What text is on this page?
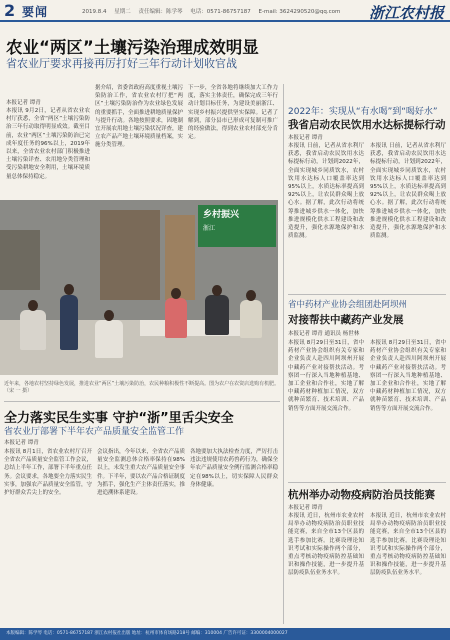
2 要闻	2019.8.4 星期二 责任编辑：陈学琴 电话：0571-86757187 E-mail: 3624290520@qq.com	浙江农村报
农业“两区”土壤污染治理成效明显
省农业厅要求再接再厉打好三年行动计划收官战
本报记者 谭青
本报讯 9月2日，记者从省农业农村厅获悉，全省“两区”土壤污染防治三年行动取得明显成效。截至目前，农业“两区”土壤污染防治已完成年度任务的96%以上，2019年以来，全省农业农村部门积极推进土壤污染详查、农用地分类管理和受污染耕地安全利用，土壤环境质量总体保持稳定。
据介绍，省委省政府高度重视土壤污染防治工作，省农业农村厅把“两区”土壤污染防治作为农业绿色发展的重要抓手，全面推进耕地质量保护与提升行动。各地按照要求，因地制宜开展农用地土壤污染状况详查，建立农产品产地土壤环境质量档案，实施分类管理。
下一步，全省各地将继续加大工作力度，落实主体责任，确保完成三年行动计划目标任务，为建设美丽浙江、实现乡村振兴提供坚实保障。记者了解到，部分县市已形成可复制可推广的经验做法，得到农业农村部充分肯定。
乡村振兴
浙江
近年来，各地农村坚持绿色发展，推进农业“两区”土壤污染防治，农民种粮积极性不断提高。图为农户在农资店选购有机肥。（宋 一 摄）
2022年：实现从“有水喝”到“喝好水”
我省启动农民饮用水达标提标行动
本报记者 谭青
本报讯 日前，记者从省水利厅获悉，我省启动农民饮用水达标提标行动，计划到2022年，全面实现城乡同质饮水，农村饮用水达标人口覆盖率达到95%以上，水质达标率提高到92%以上，让农民群众喝上放心水。据了解，此次行动将统筹推进城乡供水一体化，加快推进规模化供水工程建设和改造提升，强化水源地保护和水质监测。
本报讯 日前，记者从省水利厅获悉，我省启动农民饮用水达标提标行动，计划到2022年，全面实现城乡同质饮水，农村饮用水达标人口覆盖率达到95%以上，水质达标率提高到92%以上，让农民群众喝上放心水。据了解，此次行动将统筹推进城乡供水一体化，加快推进规模化供水工程建设和改造提升，强化水源地保护和水质监测。
省中药材产业协会组团赴阿坝州
对接帮扶中藏药产业发展
本报记者 谭青 通讯员 杨世林
本报讯 8月29日至31日，省中药材产业协会组织有关专家和企业负责人赴四川阿坝州开展中藏药产业对接帮扶活动。考察团一行深入当地种植基地、加工企业和合作社，实地了解中藏药材种植加工情况，双方就种苗繁育、技术培训、产品销售等方面开展交流合作。
本报讯 8月29日至31日，省中药材产业协会组织有关专家和企业负责人赴四川阿坝州开展中藏药产业对接帮扶活动。考察团一行深入当地种植基地、加工企业和合作社，实地了解中藏药材种植加工情况，双方就种苗繁育、技术培训、产品销售等方面开展交流合作。
杭州举办动物疫病防治员技能赛
本报记者 谭青
本报讯 近日，杭州市农业农村局举办动物疫病防治员职业技能竞赛，来自全市13个区县的选手参加比赛。比赛设理论知识考试和实际操作两个部分，重点考核动物疫病防控基础知识和操作技能，进一步提升基层防疫队伍业务水平。
本报讯 近日，杭州市农业农村局举办动物疫病防治员职业技能竞赛，来自全市13个区县的选手参加比赛。比赛设理论知识考试和实际操作两个部分，重点考核动物疫病防控基础知识和操作技能，进一步提升基层防疫队伍业务水平。
全力落实民生实事 守护“浙”里舌尖安全
省农业厅部署下半年农产品质量安全监管工作
本报记者 谭青
本报讯 8月1日，省农业农村厅召开全省农产品质量安全监管工作会议，总结上半年工作，部署下半年重点任务。会议要求，各地要全力落实民生实事，加强农产品质量安全监管，守护好群众舌尖上的安全。
会议指出，今年以来，全省农产品质量安全监测总体合格率保持在98%以上，未发生重大农产品质量安全事件。下半年，要以农产品合格证制度为抓手，强化生产主体责任落实，推进追溯体系建设。
各地要加大执法检查力度，严厉打击违法违规使用农药兽药行为，确保全年农产品质量安全例行监测合格率稳定在98%以上，切实保障人民群众身体健康。
本版编辑：陈学琴 电话：0571-86757187 浙江农村报社出版 地址：杭州市体育场路218号 邮编：310004 广告许可证：3300004000027
